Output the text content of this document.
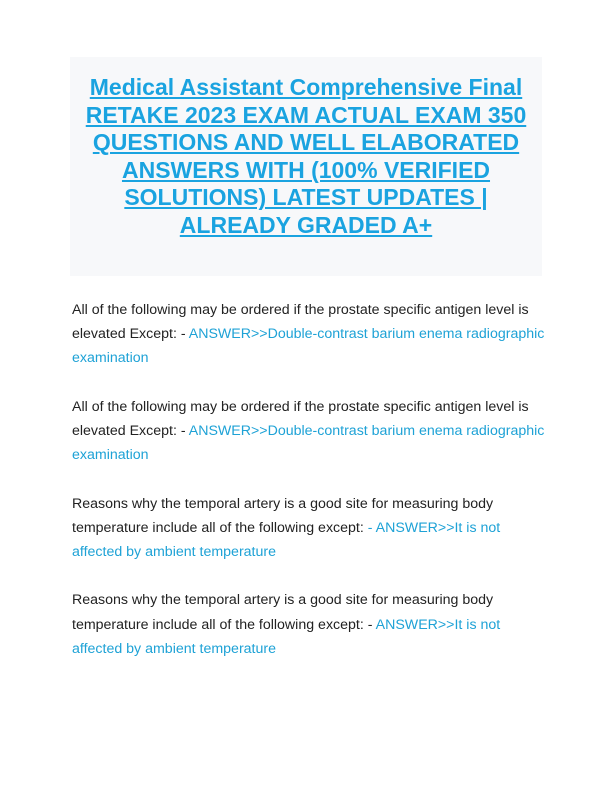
Medical Assistant Comprehensive Final
RETAKE 2023 EXAM ACTUAL EXAM 350
QUESTIONS AND WELL ELABORATED
ANSWERS WITH (100% VERIFIED
SOLUTIONS) LATEST UPDATES |
ALREADY GRADED A+

All of the following may be ordered if the prostate specific antigen level is
elevated Except: - ANSWER>>Double-contrast barium enema radiographic
examination

All of the following may be ordered if the prostate specific antigen level is
elevated Except: - ANSWER>>Double-contrast barium enema radiographic
examination

Reasons why the temporal artery is a good site for measuring body
temperature include all of the following except: - ANSWER>>It is not
affected by ambient temperature

Reasons why the temporal artery is a good site for measuring body
temperature include all of the following except: - ANSWER>>It is not
affected by ambient temperature
